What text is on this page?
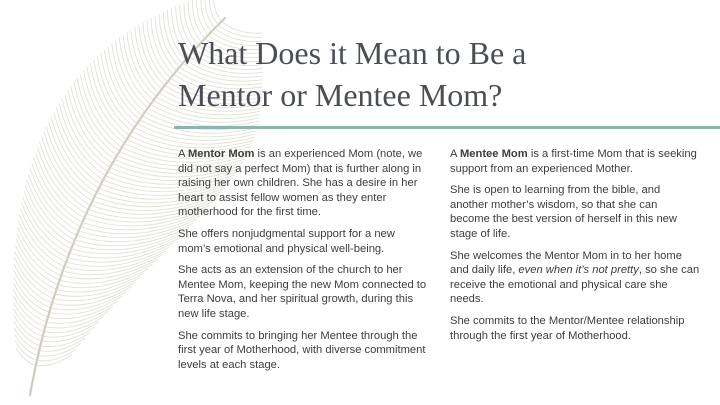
What Does it Mean to Be a
Mentor or Mentee Mom?

A Mentor Mom is an experienced Mom (note, we did not say a perfect Mom) that is further along in raising her own children. She has a desire in her heart to assist fellow women as they enter motherhood for the first time.

She offers nonjudgmental support for a new mom’s emotional and physical well-being.

She acts as an extension of the church to her Mentee Mom, keeping the new Mom connected to Terra Nova, and her spiritual growth, during this new life stage.

She commits to bringing her Mentee through the first year of Motherhood, with diverse commitment levels at each stage.

A Mentee Mom is a first-time Mom that is seeking support from an experienced Mother.

She is open to learning from the bible, and another mother’s wisdom, so that she can become the best version of herself in this new stage of life.

She welcomes the Mentor Mom in to her home and daily life, even when it’s not pretty, so she can receive the emotional and physical care she needs.

She commits to the Mentor/Mentee relationship through the first year of Motherhood.
